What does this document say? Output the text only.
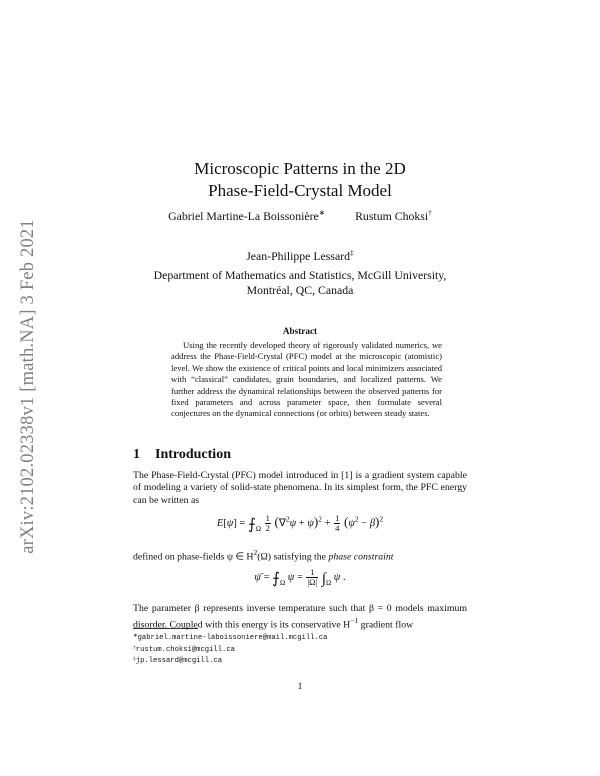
arXiv:2102.02338v1 [math.NA] 3 Feb 2021
Microscopic Patterns in the 2D
Phase-Field-Crystal Model
Gabriel Martine-La Boissonière∗	Rustum Choksi†
Jean-Philippe Lessard‡
Department of Mathematics and Statistics, McGill University,
Montréal, QC, Canada
Abstract
Using the recently developed theory of rigorously validated numerics, we address the Phase-Field-Crystal (PFC) model at the microscopic (atomistic) level. We show the existence of critical points and local minimizers associated with “classical” candidates, grain boundaries, and localized patterns. We further address the dynamical relationships between the observed patterns for fixed parameters and across parameter space, then formulate several conjectures on the dynamical connections (or orbits) between steady states.
1 Introduction
The Phase-Field-Crystal (PFC) model introduced in [1] is a gradient system capable of modeling a variety of solid-state phenomena. In its simplest form, the PFC energy can be written as
$E[\psi] = ⨍_\Omega \frac{1}{2} (\nabla^2\psi + \psi)^2 + \frac{1}{4} (\psi^2 - \beta)^2$
defined on phase-fields ψ ∈ $H^2(\Omega)$ satisfying the phase constraint
ψ̄ = $⨍_\Omega$ $\psi = \frac{1}{|\Omega|} \int_\Omega$ ψ .
The parameter β represents inverse temperature such that β = 0 models maximum disorder. Coupled with this energy is its conservative $H^{-1}$ gradient flow
∗gabriel.martine-laboissoniere@mail.mcgill.ca
†rustum.choksi@mcgill.ca
‡jp.lessard@mcgill.ca
1
